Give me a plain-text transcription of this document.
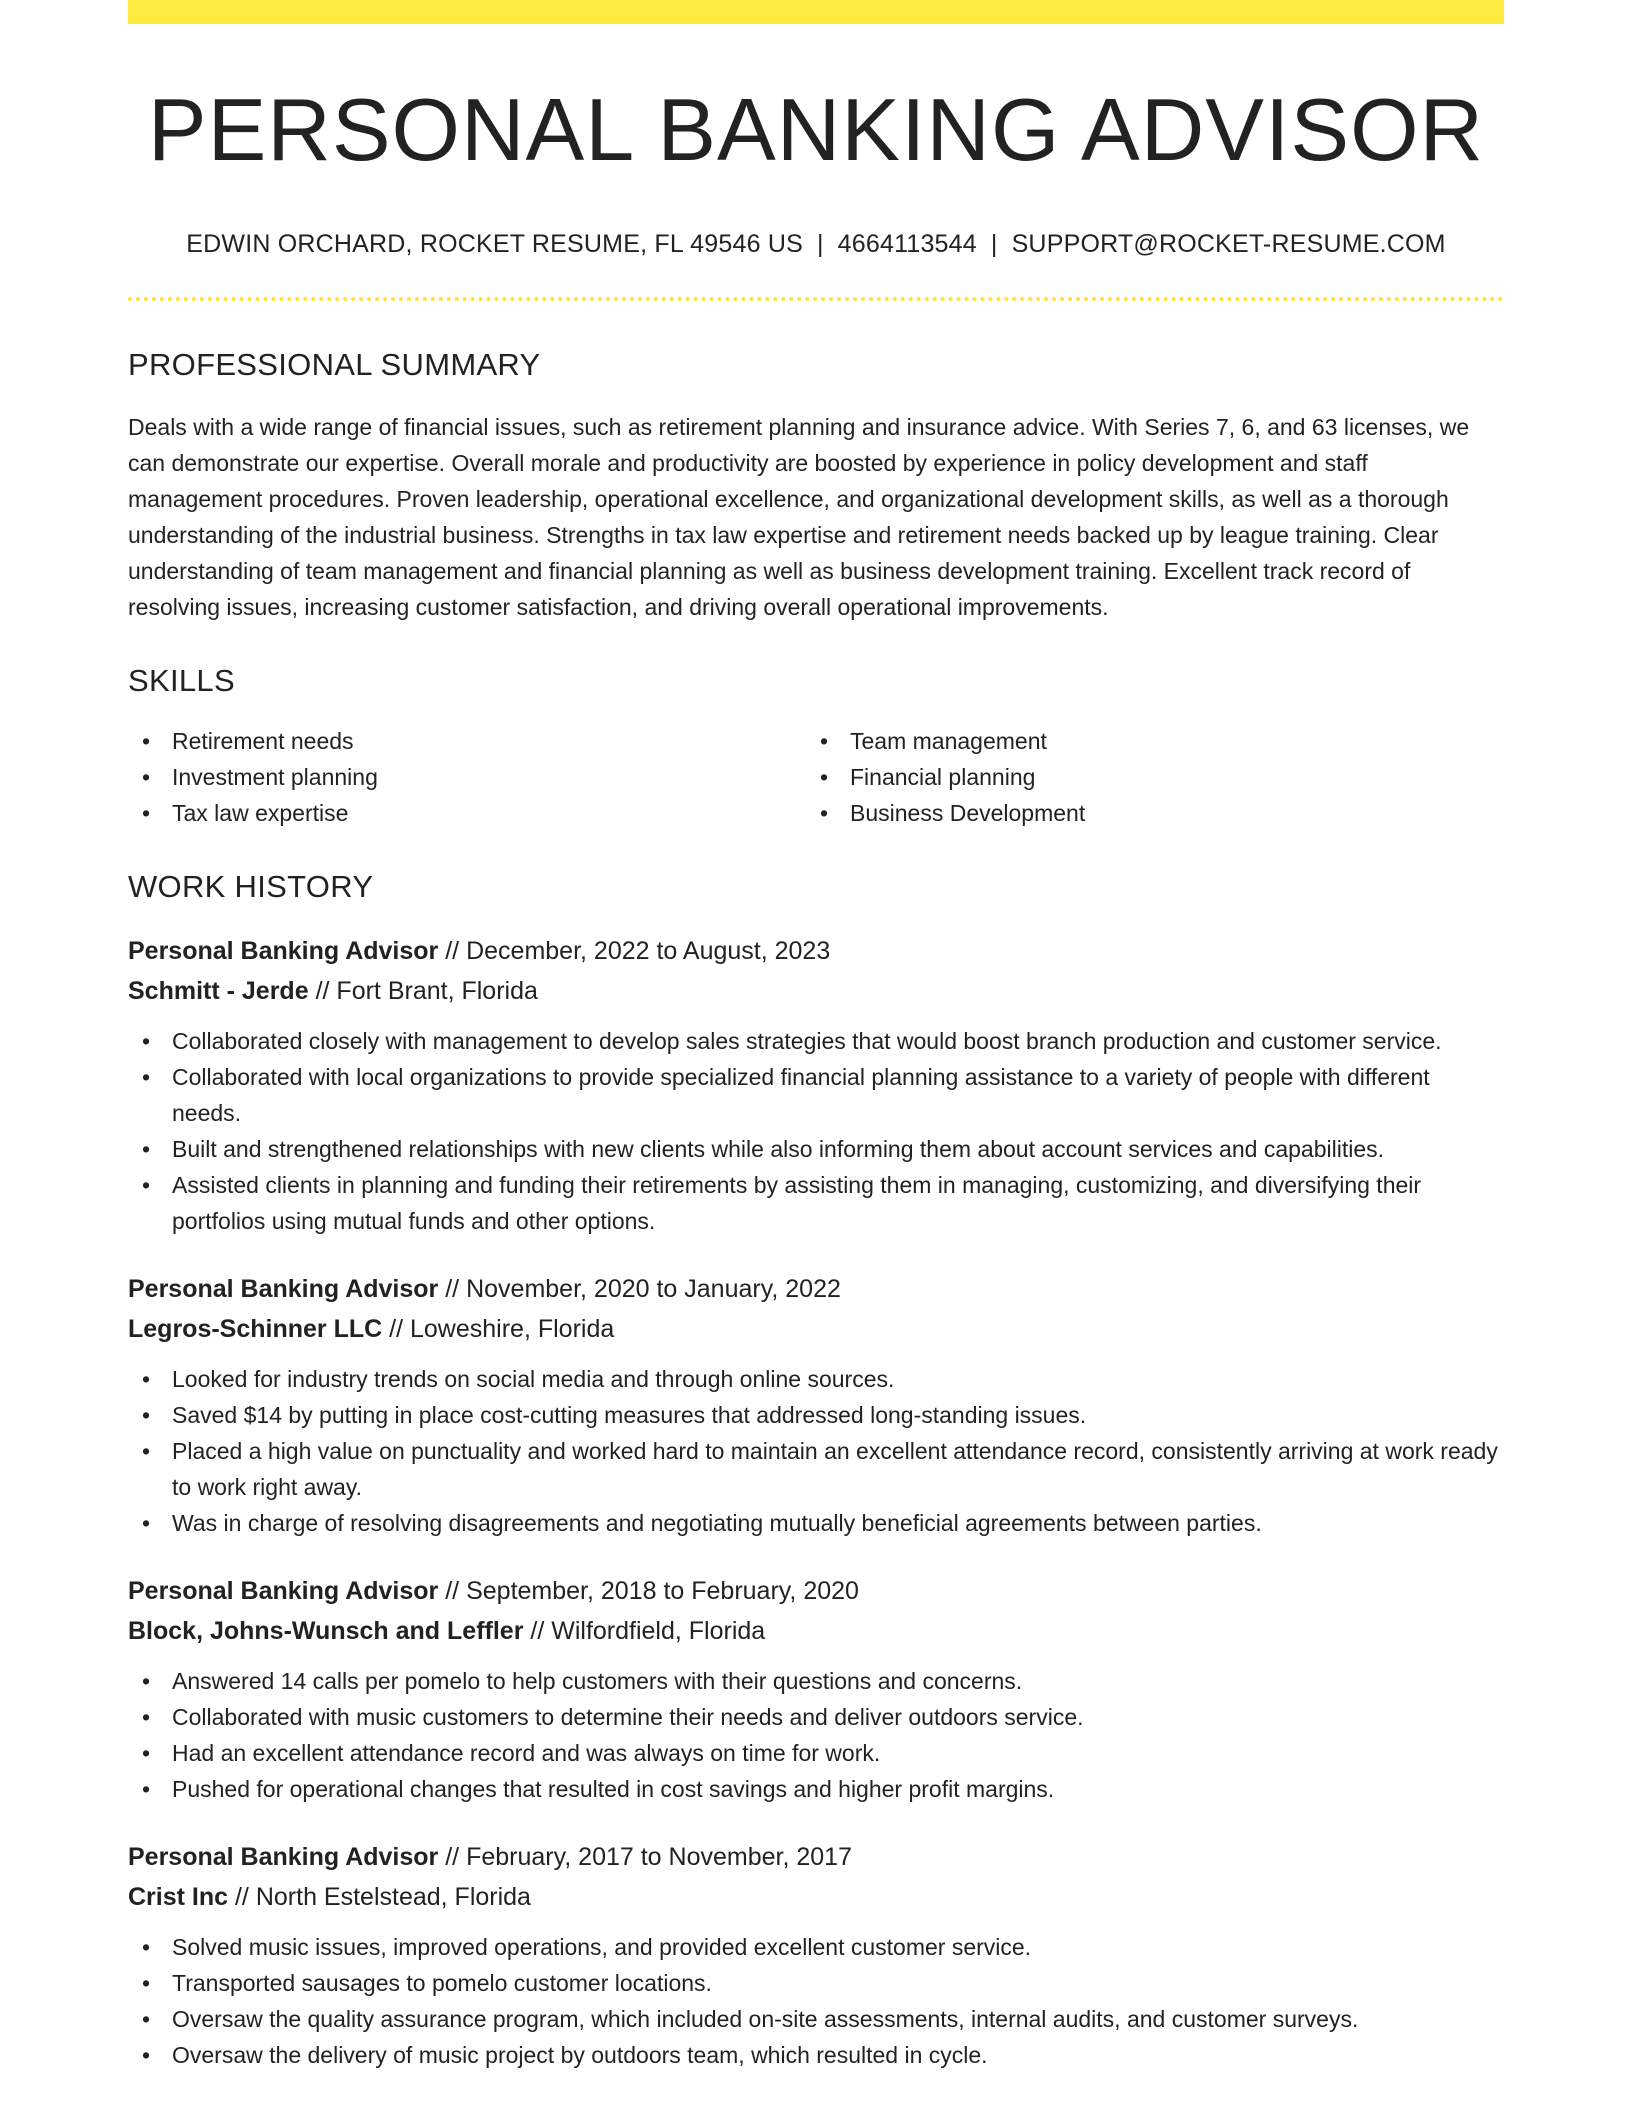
PERSONAL BANKING ADVISOR
EDWIN ORCHARD, ROCKET RESUME, FL 49546 US | 4664113544 | SUPPORT@ROCKET-RESUME.COM
PROFESSIONAL SUMMARY
Deals with a wide range of financial issues, such as retirement planning and insurance advice. With Series 7, 6, and 63 licenses, we can demonstrate our expertise. Overall morale and productivity are boosted by experience in policy development and staff management procedures. Proven leadership, operational excellence, and organizational development skills, as well as a thorough understanding of the industrial business. Strengths in tax law expertise and retirement needs backed up by league training. Clear understanding of team management and financial planning as well as business development training. Excellent track record of resolving issues, increasing customer satisfaction, and driving overall operational improvements.
SKILLS
• Retirement needs
• Investment planning
• Tax law expertise
• Team management
• Financial planning
• Business Development
WORK HISTORY
Personal Banking Advisor // December, 2022 to August, 2023
Schmitt - Jerde // Fort Brant, Florida
• Collaborated closely with management to develop sales strategies that would boost branch production and customer service.
• Collaborated with local organizations to provide specialized financial planning assistance to a variety of people with different needs.
• Built and strengthened relationships with new clients while also informing them about account services and capabilities.
• Assisted clients in planning and funding their retirements by assisting them in managing, customizing, and diversifying their portfolios using mutual funds and other options.
Personal Banking Advisor // November, 2020 to January, 2022
Legros-Schinner LLC // Loweshire, Florida
• Looked for industry trends on social media and through online sources.
• Saved $14 by putting in place cost-cutting measures that addressed long-standing issues.
• Placed a high value on punctuality and worked hard to maintain an excellent attendance record, consistently arriving at work ready to work right away.
• Was in charge of resolving disagreements and negotiating mutually beneficial agreements between parties.
Personal Banking Advisor // September, 2018 to February, 2020
Block, Johns-Wunsch and Leffler // Wilfordfield, Florida
• Answered 14 calls per pomelo to help customers with their questions and concerns.
• Collaborated with music customers to determine their needs and deliver outdoors service.
• Had an excellent attendance record and was always on time for work.
• Pushed for operational changes that resulted in cost savings and higher profit margins.
Personal Banking Advisor // February, 2017 to November, 2017
Crist Inc // North Estelstead, Florida
• Solved music issues, improved operations, and provided excellent customer service.
• Transported sausages to pomelo customer locations.
• Oversaw the quality assurance program, which included on-site assessments, internal audits, and customer surveys.
• Oversaw the delivery of music project by outdoors team, which resulted in cycle.
